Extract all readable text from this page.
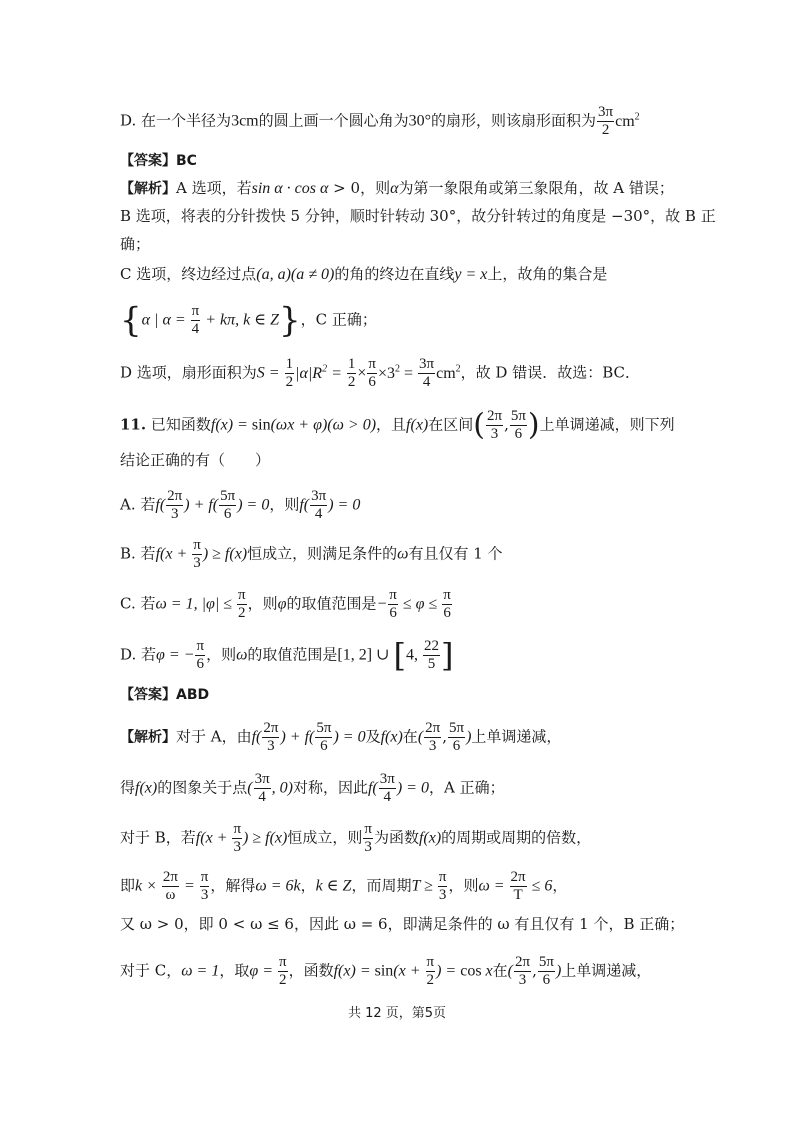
D. 在一个半径为3cm的圆上画一个圆心角为30°的扇形，则该扇形面积为 $\frac{3\pi}{2} cm^2$
【答案】BC
【解析】A 选项，若sin α · cos α > 0，则α为第一象限角或第三象限角，故 A 错误；
B 选项，将表的分针拨快 5 分钟，顺时针转动 30°，故分针转过的角度是 −30°，故 B 正
确；
C 选项，终边经过点(a, a)(a ≠ 0)的角的终边在直线y = x上，故角的集合是
{α | $\alpha = \frac{\pi}{4} + k\pi$, k ∈ Z}，C 正确；
D 选项，扇形面积为$S = \frac{1}{2} |\alpha|R^2 = \frac{1}{2} \times \frac{\pi}{6} \times 3^2 = \frac{3\pi}{4} cm^2$，故 D 错误．故选：BC．
11. 已知函数f(x) = sin(ωx + φ)(ω > 0)，且f(x)在区间( $\frac{2\pi}{3}$ , $\frac{5\pi}{6}$ )上单调递减，则下列
结论正确的有（　　）
A. 若$f( \frac{2\pi}{3}$ ) + $f( \frac{5\pi}{6}$ ) = 0，则$f( \frac{3\pi}{4}$ ) = 0
B. 若$f(x + \frac{\pi}{3}$ ) ≥ f(x)恒成立，则满足条件的ω有且仅有 1 个
C. 若ω = 1, $|\varphi| \le \frac{\pi}{2}$ ，则φ的取值范围是− $\frac{\pi}{6} \le \varphi \le \frac{\pi}{6}$
D. 若φ = − $\frac{\pi}{6}$ ，则ω的取值范围是[1, 2] ∪ [4, $\frac{22}{5}$ ]
【答案】ABD
【解析】对于 A，由$f( \frac{2\pi}{3}$ ) + $f( \frac{5\pi}{6}$ ) = 0及f(x)在( $\frac{2\pi}{3}$ , $\frac{5\pi}{6}$ )上单调递减，
得f(x)的图象关于点( $\frac{3\pi}{4}$ , 0)对称，因此$f( \frac{3\pi}{4}$ ) = 0，A 正确；
对于 B，若$f(x + \frac{\pi}{3}$ ) ≥ f(x)恒成立，则 $\frac{\pi}{3}$ 为函数f(x)的周期或周期的倍数，
即$k \times \frac{2\pi}{\omega} = \frac{\pi}{3}$ ，解得ω = 6k，k ∈ Z，而周期$T \ge \frac{\pi}{3}$ ，则$\omega = \frac{2\pi}{T} \le 6$，
又 ω > 0，即 0 < ω ≤ 6，因此 ω = 6，即满足条件的 ω 有且仅有 1 个，B 正确；
对于 C，ω = 1，取$\varphi = \frac{\pi}{2}$ ，函数$f(x) = \sin(x + \frac{\pi}{2}$ ) = cos x在( $\frac{2\pi}{3}$ , $\frac{5\pi}{6}$ )上单调递减，
共 12 页，第5页
